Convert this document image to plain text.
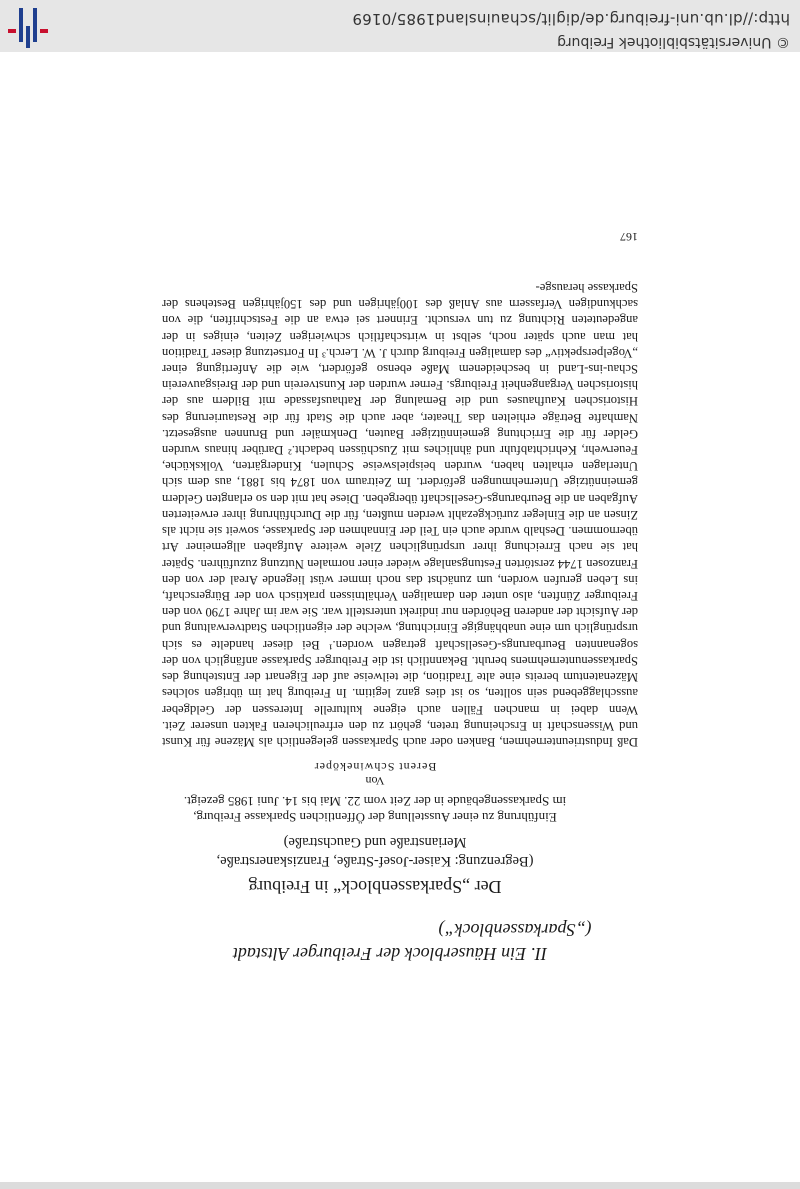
II. Ein Häuserblock der Freiburger Altstadt
(„Sparkassenblock“)
Der „Sparkassenblock“ in Freiburg
(Begrenzung: Kaiser-Josef-Straße, Franziskanerstraße,
Merianstraße und Gauchstraße)
Einführung zu einer Ausstellung der Öffentlichen Sparkasse Freiburg,
im Sparkassengebäude in der Zeit vom 22. Mai bis 14. Juni 1985 gezeigt.
Von
Berent Schwineköper

Daß Industrieunternehmen, Banken oder auch Sparkassen gelegentlich als Mäzene für Kunst und Wissenschaft in Erscheinung treten, gehört zu den erfreulicheren Fakten unserer Zeit. Wenn dabei in manchen Fällen auch eigene kulturelle Interessen der Geldgeber ausschlaggebend sein sollten, so ist dies ganz legitim. In Freiburg hat im übrigen solches Mäzenatentum bereits eine alte Tradition, die teilweise auf der Eigenart der Entstehung des Sparkassenunternehmens beruht. Bekanntlich ist die Freiburger Sparkasse anfänglich von der sogenannten Beurbarungs-Gesellschaft getragen worden.¹ Bei dieser handelte es sich ursprünglich um eine unabhängige Einrichtung, welche der eigentlichen Stadtverwaltung und der Aufsicht der anderen Behörden nur indirekt unterstellt war. Sie war im Jahre 1790 von den Freiburger Zünften, also unter den damaligen Verhältnissen praktisch von der Bürgerschaft, ins Leben gerufen worden, um zunächst das noch immer wüst liegende Areal der von den Franzosen 1744 zerstörten Festungsanlage wieder einer normalen Nutzung zuzuführen. Später hat sie nach Erreichung ihrer ursprünglichen Ziele weitere Aufgaben allgemeiner Art übernommen. Deshalb wurde auch ein Teil der Einnahmen der Sparkasse, soweit sie nicht als Zinsen an die Einleger zurückgezahlt werden mußten, für die Durchführung ihrer erweiterten Aufgaben an die Beurbarungs-Gesellschaft übergeben. Diese hat mit den so erlangten Geldern gemeinnützige Unternehmungen gefördert. Im Zeitraum von 1874 bis 1881, aus dem sich Unterlagen erhalten haben, wurden beispielsweise Schulen, Kindergärten, Volksküche, Feuerwehr, Kehrichtabfuhr und ähnliches mit Zuschüssen bedacht.² Darüber hinaus wurden Gelder für die Errichtung gemeinnütziger Bauten, Denkmäler und Brunnen ausgesetzt. Namhafte Beträge erhielten das Theater, aber auch die Stadt für die Restaurierung des Historischen Kaufhauses und die Bemalung der Rathausfassade mit Bildern aus der historischen Vergangenheit Freiburgs. Ferner wurden der Kunstverein und der Breisgauverein Schau-ins-Land in bescheidenem Maße ebenso gefördert, wie die Anfertigung einer „Vogelperspektiv“ des damaligen Freiburg durch J. W. Lerch.³ In Fortsetzung dieser Tradition hat man auch später noch, selbst in wirtschaftlich schwierigen Zeiten, einiges in der angedeuteten Richtung zu tun versucht. Erinnert sei etwa an die Festschriften, die von sachkundigen Verfassern aus Anlaß des 100jährigen und des 150jährigen Bestehens der Sparkasse herausge-

167
© Universitätsbibliothek Freiburg
http://dl.ub.uni-freiburg.de/diglit/schauinsland1985/0169
